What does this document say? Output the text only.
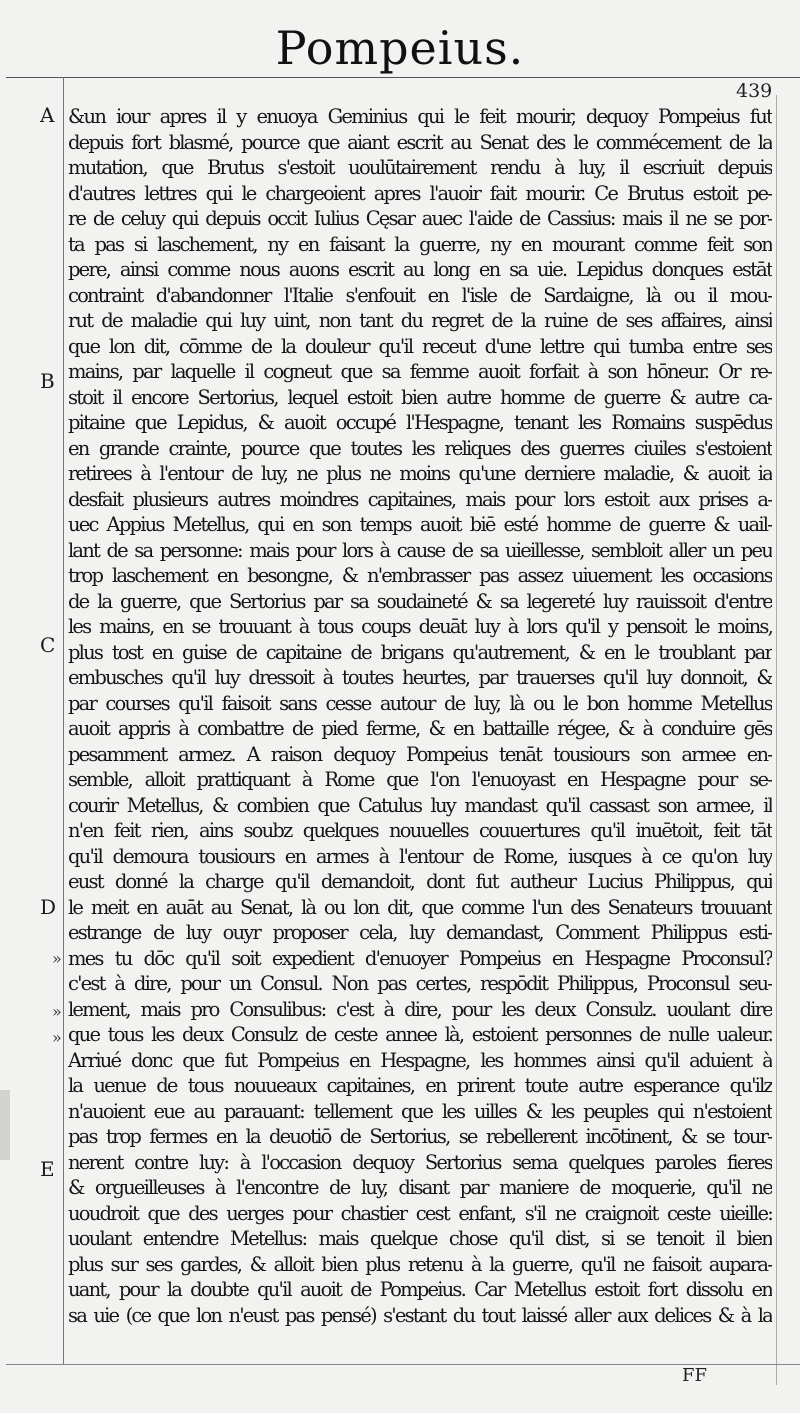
Pompeius.
439
A
B
C
D
E
»
»
»
&un iour apres il y enuoya Geminius qui le feit mourir, dequoy Pompeius fut
depuis fort blasmé, pource que aiant escrit au Senat des le commécement de la
mutation, que Brutus s'estoit uoulūtairement rendu à luy, il escriuit depuis
d'autres lettres qui le chargeoient apres l'auoir fait mourir. Ce Brutus estoit pe-
re de celuy qui depuis occit Iulius Cęsar auec l'aide de Cassius: mais il ne se por-
ta pas si laschement, ny en faisant la guerre, ny en mourant comme feit son
pere, ainsi comme nous auons escrit au long en sa uie. Lepidus donques estāt
contraint d'abandonner l'Italie s'enfouit en l'isle de Sardaigne, là ou il mou-
rut de maladie qui luy uint, non tant du regret de la ruine de ses affaires, ainsi
que lon dit, cōmme de la douleur qu'il receut d'une lettre qui tumba entre ses
mains, par laquelle il cogneut que sa femme auoit forfait à son hōneur. Or re-
stoit il encore Sertorius, lequel estoit bien autre homme de guerre & autre ca-
pitaine que Lepidus, & auoit occupé l'Hespagne, tenant les Romains suspēdus
en grande crainte, pource que toutes les reliques des guerres ciuiles s'estoient
retirees à l'entour de luy, ne plus ne moins qu'une derniere maladie, & auoit ia
desfait plusieurs autres moindres capitaines, mais pour lors estoit aux prises a-
uec Appius Metellus, qui en son temps auoit biē esté homme de guerre & uail-
lant de sa personne: mais pour lors à cause de sa uieillesse, sembloit aller un peu
trop laschement en besongne, & n'embrasser pas assez uiuement les occasions
de la guerre, que Sertorius par sa soudaineté & sa legereté luy rauissoit d'entre
les mains, en se trouuant à tous coups deuāt luy à lors qu'il y pensoit le moins,
plus tost en guise de capitaine de brigans qu'autrement, & en le troublant par
embusches qu'il luy dressoit à toutes heurtes, par trauerses qu'il luy donnoit, &
par courses qu'il faisoit sans cesse autour de luy, là ou le bon homme Metellus
auoit appris à combattre de pied ferme, & en battaille régee, & à conduire gēs
pesamment armez. A raison dequoy Pompeius tenāt tousiours son armee en-
semble, alloit prattiquant à Rome que l'on l'enuoyast en Hespagne pour se-
courir Metellus, & combien que Catulus luy mandast qu'il cassast son armee, il
n'en feit rien, ains soubz quelques nouuelles couuertures qu'il inuētoit, feit tāt
qu'il demoura tousiours en armes à l'entour de Rome, iusques à ce qu'on luy
eust donné la charge qu'il demandoit, dont fut autheur Lucius Philippus, qui
le meit en auāt au Senat, là ou lon dit, que comme l'un des Senateurs trouuant
estrange de luy ouyr proposer cela, luy demandast, Comment Philippus esti-
mes tu dōc qu'il soit expedient d'enuoyer Pompeius en Hespagne Proconsul?
c'est à dire, pour un Consul. Non pas certes, respōdit Philippus, Proconsul seu-
lement, mais pro Consulibus: c'est à dire, pour les deux Consulz. uoulant dire
que tous les deux Consulz de ceste annee là, estoient personnes de nulle ualeur.
Arriué donc que fut Pompeius en Hespagne, les hommes ainsi qu'il aduient à
la uenue de tous nouueaux capitaines, en prirent toute autre esperance qu'ilz
n'auoient eue au parauant: tellement que les uilles & les peuples qui n'estoient
pas trop fermes en la deuotiō de Sertorius, se rebellerent incōtinent, & se tour-
nerent contre luy: à l'occasion dequoy Sertorius sema quelques paroles fieres
& orgueilleuses à l'encontre de luy, disant par maniere de moquerie, qu'il ne
uoudroit que des uerges pour chastier cest enfant, s'il ne craignoit ceste uieille:
uoulant entendre Metellus: mais quelque chose qu'il dist, si se tenoit il bien
plus sur ses gardes, & alloit bien plus retenu à la guerre, qu'il ne faisoit aupara-
uant, pour la doubte qu'il auoit de Pompeius. Car Metellus estoit fort dissolu en
sa uie (ce que lon n'eust pas pensé) s'estant du tout laissé aller aux delices & à la
FF
